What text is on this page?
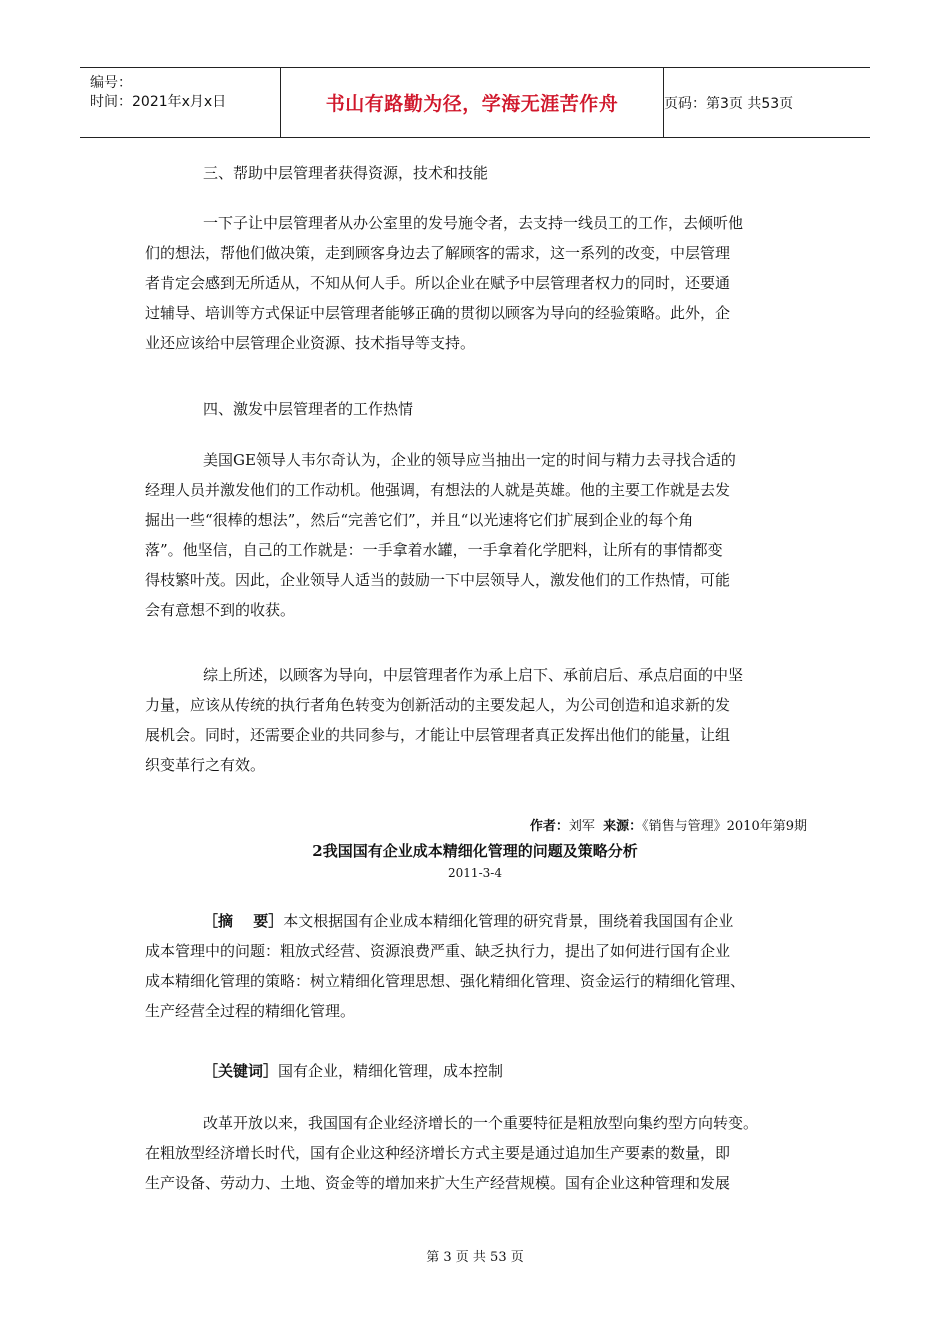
编号：
时间：2021年x月x日	书山有路勤为径，学海无涯苦作舟	页码：第3页 共53页
三、帮助中层管理者获得资源，技术和技能
一下子让中层管理者从办公室里的发号施令者，去支持一线员工的工作，去倾听他
们的想法，帮他们做决策，走到顾客身边去了解顾客的需求，这一系列的改变，中层管理
者肯定会感到无所适从，不知从何人手。所以企业在赋予中层管理者权力的同时，还要通
过辅导、培训等方式保证中层管理者能够正确的贯彻以顾客为导向的经验策略。此外，企
业还应该给中层管理企业资源、技术指导等支持。
四、激发中层管理者的工作热情
美国GE领导人韦尔奇认为，企业的领导应当抽出一定的时间与精力去寻找合适的
经理人员并激发他们的工作动机。他强调，有想法的人就是英雄。他的主要工作就是去发
掘出一些“很棒的想法”，然后“完善它们”，并且“以光速将它们扩展到企业的每个角
落”。他坚信，自己的工作就是：一手拿着水罐，一手拿着化学肥料，让所有的事情都变
得枝繁叶茂。因此，企业领导人适当的鼓励一下中层领导人，激发他们的工作热情，可能
会有意想不到的收获。
综上所述，以顾客为导向，中层管理者作为承上启下、承前启后、承点启面的中坚
力量，应该从传统的执行者角色转变为创新活动的主要发起人，为公司创造和追求新的发
展机会。同时，还需要企业的共同参与，才能让中层管理者真正发挥出他们的能量，让组
织变革行之有效。
作者：刘军 来源：《销售与管理》2010年第9期
2我国国有企业成本精细化管理的问题及策略分析
2011-3-4
［摘　 要］本文根据国有企业成本精细化管理的研究背景，围绕着我国国有企业
成本管理中的问题：粗放式经营、资源浪费严重、缺乏执行力，提出了如何进行国有企业
成本精细化管理的策略：树立精细化管理思想、强化精细化管理、资金运行的精细化管理、
生产经营全过程的精细化管理。
［关键词］国有企业，精细化管理，成本控制
改革开放以来，我国国有企业经济增长的一个重要特征是粗放型向集约型方向转变。
在粗放型经济增长时代，国有企业这种经济增长方式主要是通过追加生产要素的数量，即
生产设备、劳动力、土地、资金等的增加来扩大生产经营规模。国有企业这种管理和发展
第 3 页 共 53 页
